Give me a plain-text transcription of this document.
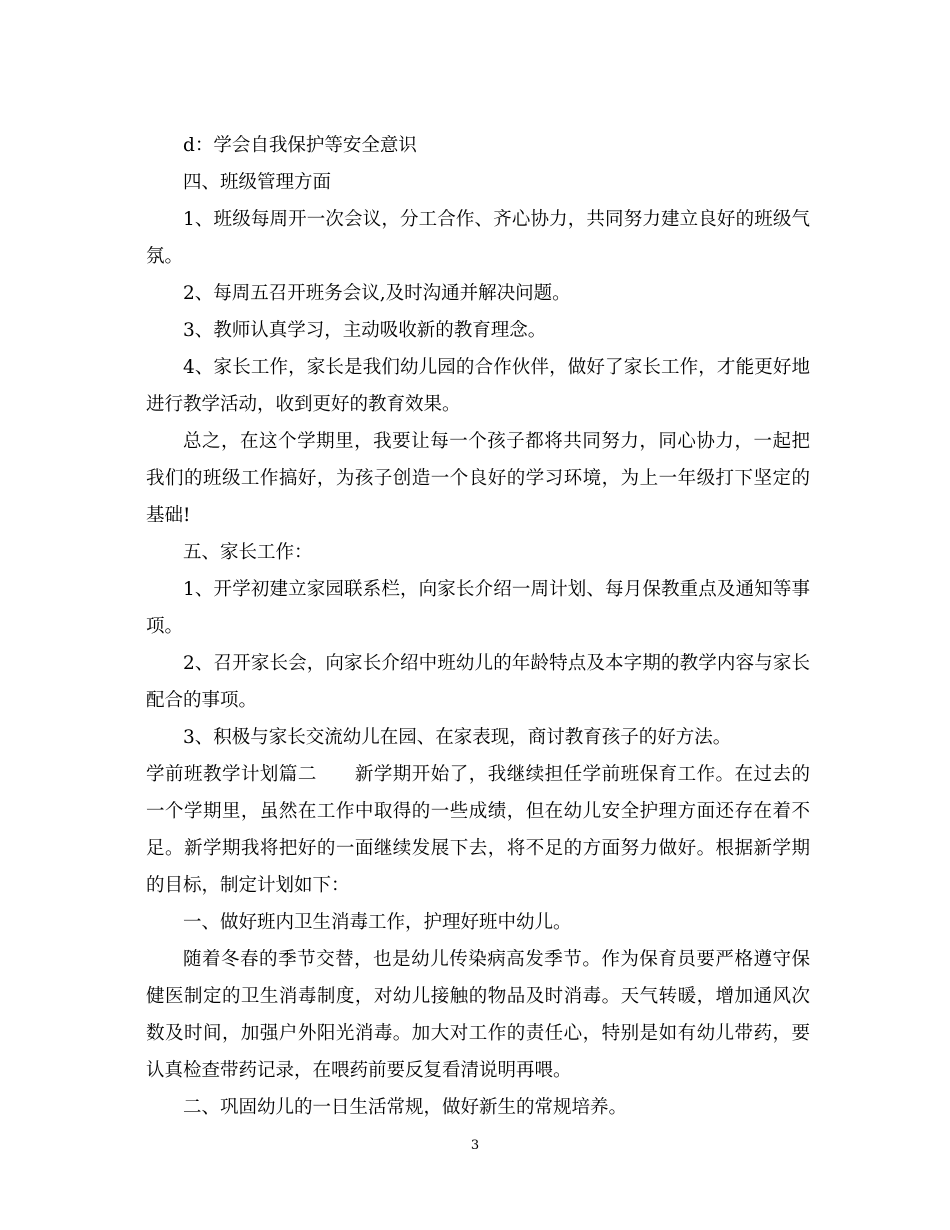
d：学会自我保护等安全意识

四、班级管理方面

1、班级每周开一次会议，分工合作、齐心协力，共同努力建立良好的班级气氛。

2、每周五召开班务会议,及时沟通并解决问题。

3、教师认真学习，主动吸收新的教育理念。

4、家长工作，家长是我们幼儿园的合作伙伴，做好了家长工作，才能更好地进行教学活动，收到更好的教育效果。

总之，在这个学期里，我要让每一个孩子都将共同努力，同心协力，一起把我们的班级工作搞好，为孩子创造一个良好的学习环境，为上一年级打下坚定的基础!

五、家长工作：

1、开学初建立家园联系栏，向家长介绍一周计划、每月保教重点及通知等事项。

2、召开家长会，向家长介绍中班幼儿的年龄特点及本字期的教学内容与家长配合的事项。

3、积极与家长交流幼儿在园、在家表现，商讨教育孩子的好方法。

学前班教学计划篇二　　新学期开始了，我继续担任学前班保育工作。在过去的一个学期里，虽然在工作中取得的一些成绩，但在幼儿安全护理方面还存在着不足。新学期我将把好的一面继续发展下去，将不足的方面努力做好。根据新学期的目标，制定计划如下：

一、做好班内卫生消毒工作，护理好班中幼儿。

随着冬春的季节交替，也是幼儿传染病高发季节。作为保育员要严格遵守保健医制定的卫生消毒制度，对幼儿接触的物品及时消毒。天气转暖，增加通风次数及时间，加强户外阳光消毒。加大对工作的责任心，特别是如有幼儿带药，要认真检查带药记录，在喂药前要反复看清说明再喂。

二、巩固幼儿的一日生活常规，做好新生的常规培养。

3
